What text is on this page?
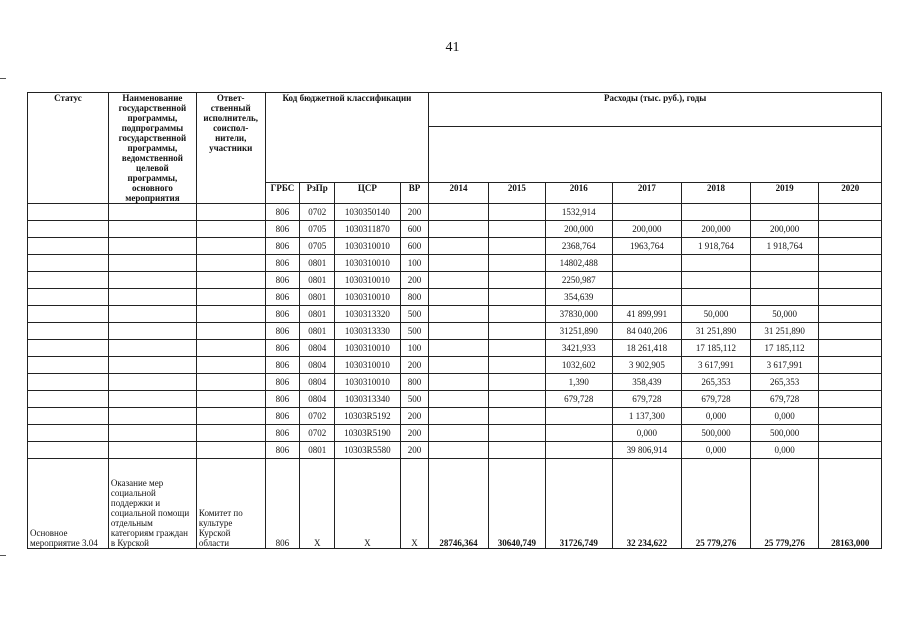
41
Статус	Наименование государственной программы, подпрограммы государственной программы, ведомственной целевой программы, основного мероприятия	Ответ-ственный исполнитель, соиспол-нители, участники	Код бюджетной классификации				Расходы (тыс. руб.), годы						

			ГРБС	РзПр	ЦСР	ВР	2014	2015	2016	2017	2018	2019	2020
			806	0702	1030350140	200			1532,914				
			806	0705	1030311870	600			200,000	200,000	200,000	200,000	
			806	0705	1030310010	600			2368,764	1963,764	1 918,764	1 918,764	
			806	0801	1030310010	100			14802,488				
			806	0801	1030310010	200			2250,987				
			806	0801	1030310010	800			354,639				
			806	0801	1030313320	500			37830,000	41 899,991	50,000	50,000	
			806	0801	1030313330	500			31251,890	84 040,206	31 251,890	31 251,890	
			806	0804	1030310010	100			3421,933	18 261,418	17 185,112	17 185,112	
			806	0804	1030310010	200			1032,602	3 902,905	3 617,991	3 617,991	
			806	0804	1030310010	800			1,390	358,439	265,353	265,353	
			806	0804	1030313340	500			679,728	679,728	679,728	679,728	
			806	0702	10303R5192	200				1 137,300	0,000	0,000	
			806	0702	10303R5190	200				0,000	500,000	500,000	
			806	0801	10303R5580	200				39 806,914	0,000	0,000	
Основное мероприятие 3.04	Оказание мер социальной поддержки и социальной помощи отдельным категориям граждан в Курской	Комитет по культуре Курской области	806	Х	Х	Х	28746,364	30640,749	31726,749	32 234,622	25 779,276	25 779,276	28163,000
